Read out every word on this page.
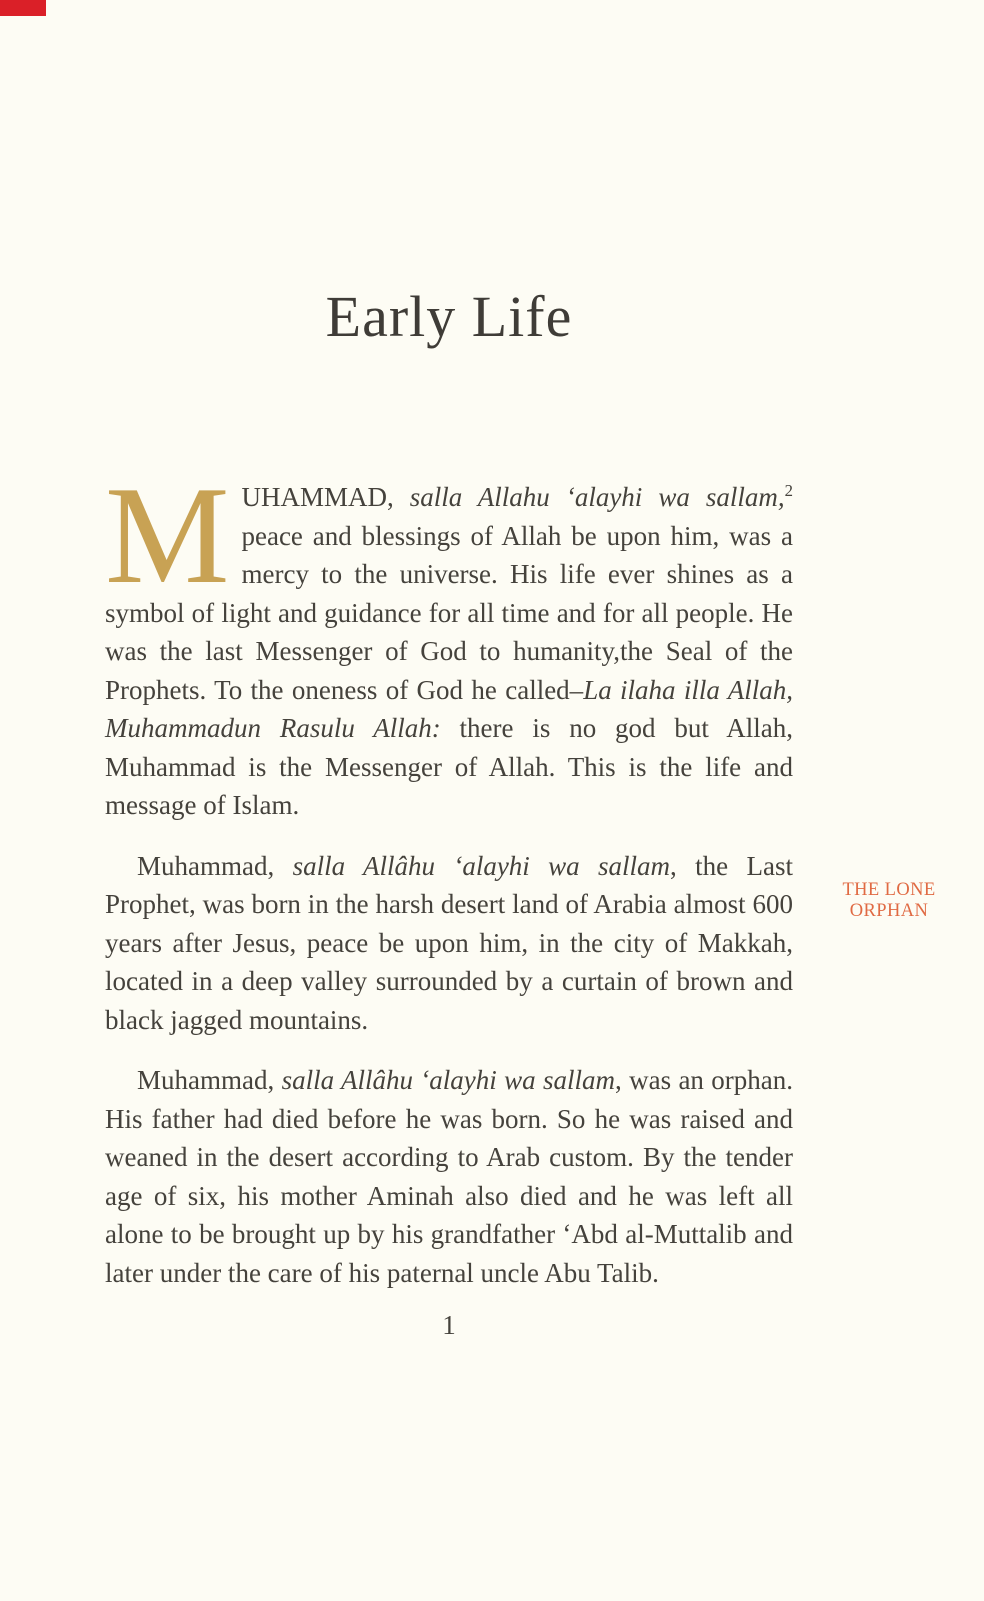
Early Life

MUHAMMAD, salla Allahu ‘alayhi wa sallam,$^2$ peace and blessings of Allah be upon him, was a mercy to the universe. His life ever shines as a symbol of light and guidance for all time and for all people. He was the last Messenger of God to humanity,the Seal of the Prophets. To the oneness of God he called–La ilaha illa Allah, Muhammadun Rasulu Allah: there is no god but Allah, Muhammad is the Messenger of Allah. This is the life and message of Islam.

Muhammad, salla Allâhu ‘alayhi wa sallam, the Last Prophet, was born in the harsh desert land of Arabia almost 600 years after Jesus, peace be upon him, in the city of Makkah, located in a deep valley surrounded by a curtain of brown and black jagged mountains.

Muhammad, salla Allâhu ‘alayhi wa sallam, was an orphan. His father had died before he was born. So he was raised and weaned in the desert according to Arab custom. By the tender age of six, his mother Aminah also died and he was left all alone to be brought up by his grandfather ‘Abd al-Muttalib and later under the care of his paternal uncle Abu Talib.

1
THE LONE
ORPHAN
